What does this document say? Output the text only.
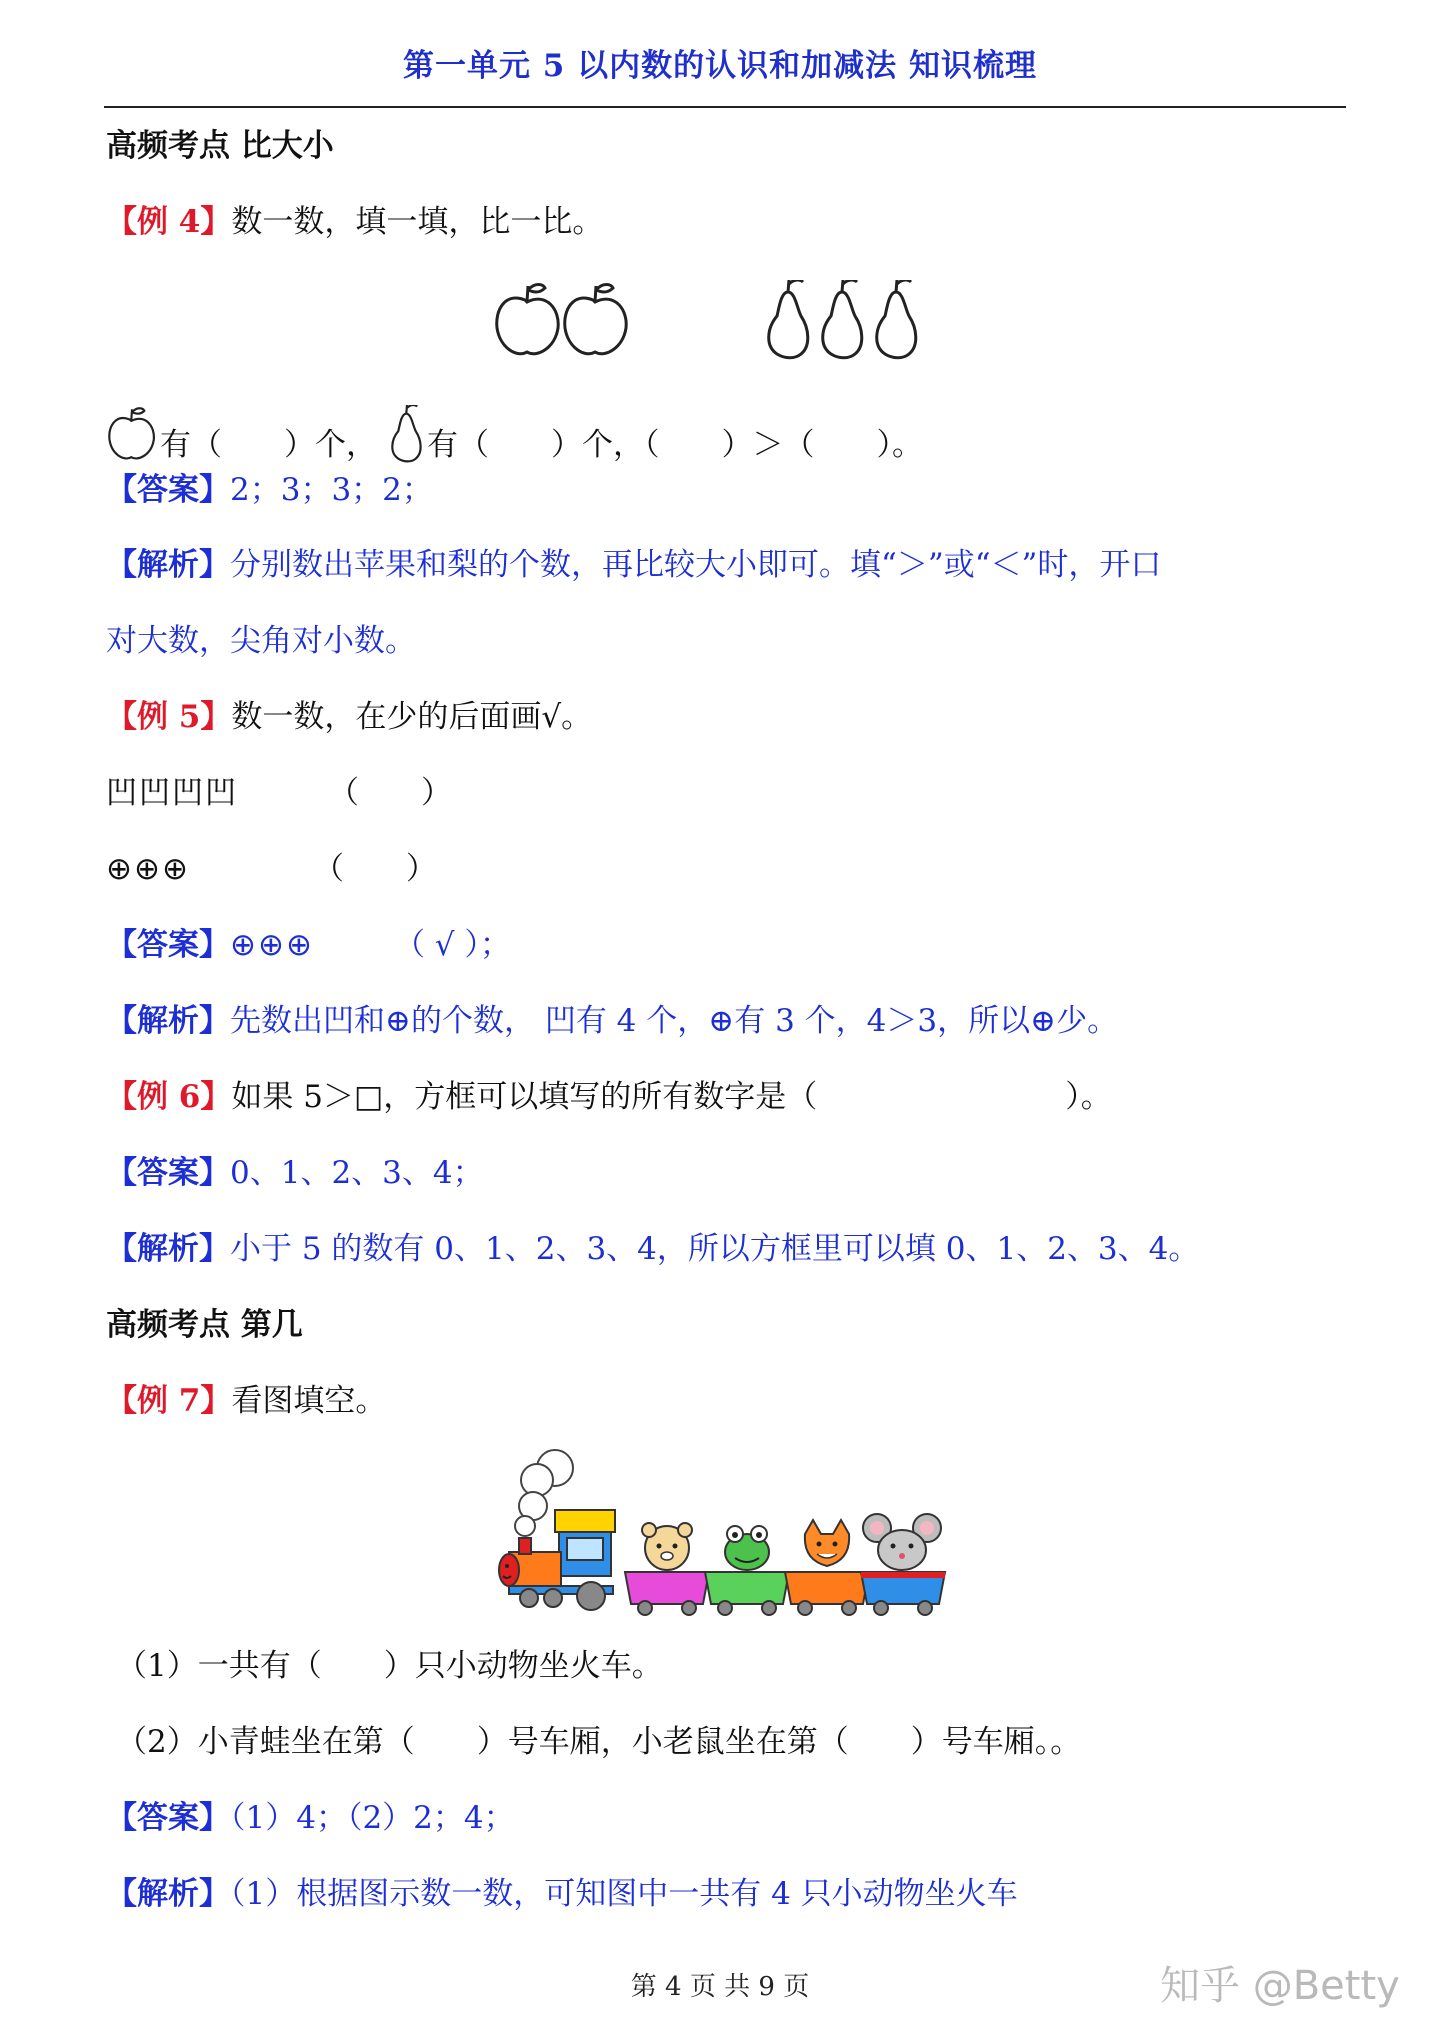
第一单元 5 以内数的认识和加减法 知识梳理
高频考点 比大小
【例 4】数一数，填一填，比一比。
有（　　）个， 有（　　）个，（　　）＞（　　）。
【答案】2；3；3；2；
【解析】分别数出苹果和梨的个数，再比较大小即可。填“＞”或“＜”时，开口
对大数，尖角对小数。
【例 5】数一数，在少的后面画√。
凹凹凹凹	（　　）
⊕⊕⊕	（　　）
【答案】⊕⊕⊕	（ √ ）；
【解析】先数出凹和⊕的个数， 凹有 4 个，⊕有 3 个，4＞3，所以⊕少。
【例 6】如果 5＞□，方框可以填写的所有数字是（　　　　　　　　）。
【答案】0、1、2、3、4；
【解析】小于 5 的数有 0、1、2、3、4，所以方框里可以填 0、1、2、3、4。
高频考点 第几
【例 7】看图填空。
（1）一共有（　　）只小动物坐火车。
（2）小青蛙坐在第（　　）号车厢，小老鼠坐在第（　　）号车厢。。
【答案】（1）4；（2）2；4；
【解析】（1）根据图示数一数，可知图中一共有 4 只小动物坐火车
第 4 页 共 9 页	知乎 @Betty
